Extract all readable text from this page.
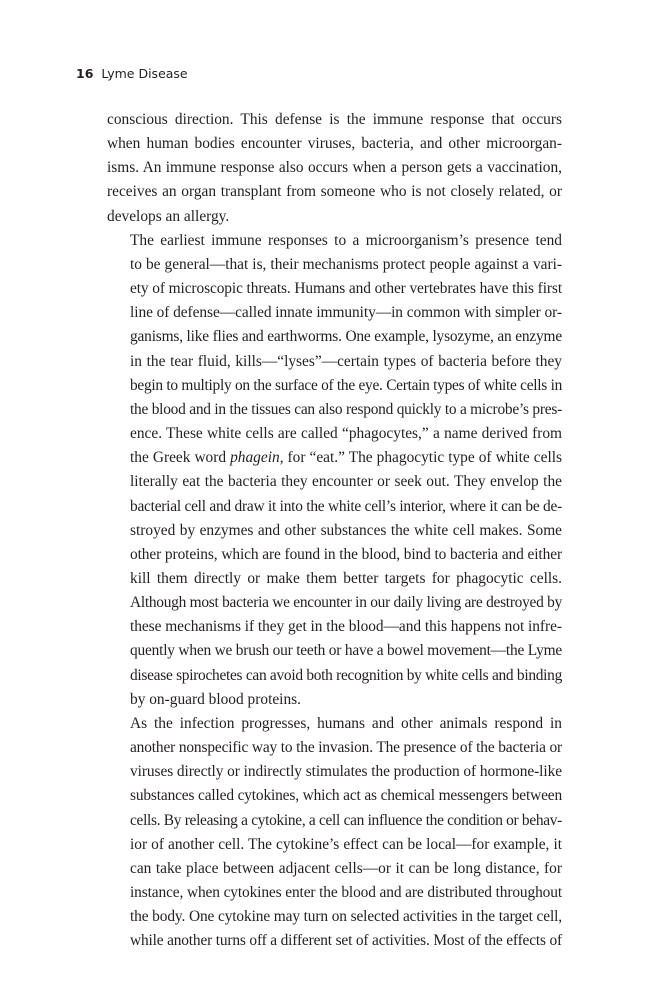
16 Lyme Disease

conscious direction. This defense is the immune response that occurs
when human bodies encounter viruses, bacteria, and other microorgan-
isms. An immune response also occurs when a person gets a vaccination,
receives an organ transplant from someone who is not closely related, or
develops an allergy.

The earliest immune responses to a microorganism’s presence tend
to be general—that is, their mechanisms protect people against a vari-
ety of microscopic threats. Humans and other vertebrates have this first
line of defense—called innate immunity—in common with simpler or-
ganisms, like flies and earthworms. One example, lysozyme, an enzyme
in the tear fluid, kills—“lyses”—certain types of bacteria before they
begin to multiply on the surface of the eye. Certain types of white cells in
the blood and in the tissues can also respond quickly to a microbe’s pres-
ence. These white cells are called “phagocytes,” a name derived from
the Greek word phagein, for “eat.” The phagocytic type of white cells
literally eat the bacteria they encounter or seek out. They envelop the
bacterial cell and draw it into the white cell’s interior, where it can be de-
stroyed by enzymes and other substances the white cell makes. Some
other proteins, which are found in the blood, bind to bacteria and either
kill them directly or make them better targets for phagocytic cells.
Although most bacteria we encounter in our daily living are destroyed by
these mechanisms if they get in the blood—and this happens not infre-
quently when we brush our teeth or have a bowel movement—the Lyme
disease spirochetes can avoid both recognition by white cells and binding
by on-guard blood proteins.

As the infection progresses, humans and other animals respond in
another nonspecific way to the invasion. The presence of the bacteria or
viruses directly or indirectly stimulates the production of hormone-like
substances called cytokines, which act as chemical messengers between
cells. By releasing a cytokine, a cell can influence the condition or behav-
ior of another cell. The cytokine’s effect can be local—for example, it
can take place between adjacent cells—or it can be long distance, for
instance, when cytokines enter the blood and are distributed throughout
the body. One cytokine may turn on selected activities in the target cell,
while another turns off a different set of activities. Most of the effects of
